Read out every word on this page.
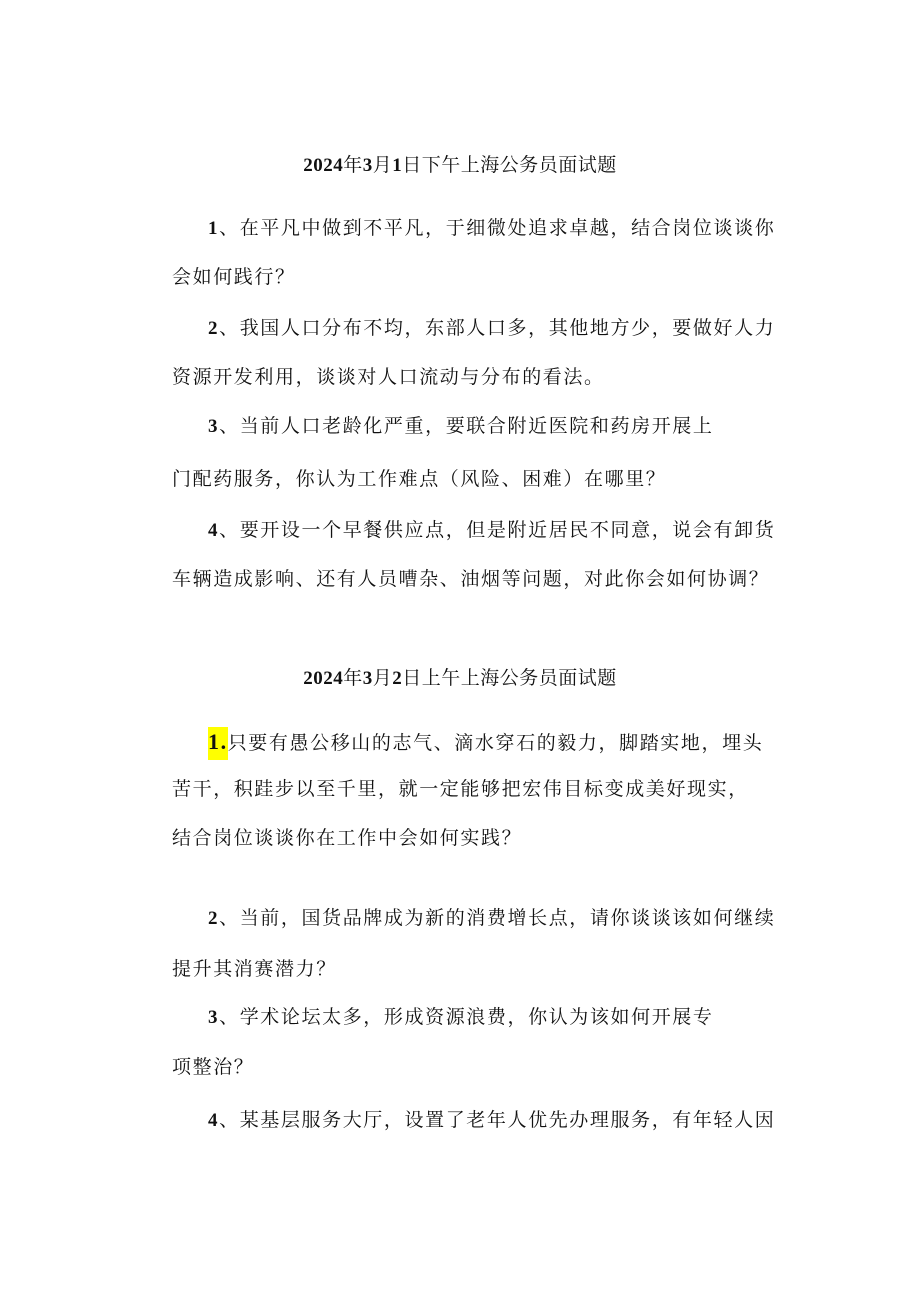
2024年3月1日下午上海公务员面试题
1、在平凡中做到不平凡，于细微处追求卓越，结合岗位谈谈你
会如何践行？
2、我国人口分布不均，东部人口多，其他地方少，要做好人力
资源开发利用，谈谈对人口流动与分布的看法。
3、当前人口老龄化严重，要联合附近医院和药房开展上
门配药服务，你认为工作难点（风险、困难）在哪里？
4、要开设一个早餐供应点，但是附近居民不同意，说会有卸货
车辆造成影响、还有人员嘈杂、油烟等问题，对此你会如何协调？
2024年3月2日上午上海公务员面试题
1.只要有愚公移山的志气、滴水穿石的毅力，脚踏实地，埋头
苦干，积跬步以至千里，就一定能够把宏伟目标变成美好现实，
结合岗位谈谈你在工作中会如何实践？
2、当前，国货品牌成为新的消费增长点，请你谈谈该如何继续
提升其消赛潜力？
3、学术论坛太多，形成资源浪费，你认为该如何开展专
项整治？
4、某基层服务大厅，设置了老年人优先办理服务，有年轻人因
